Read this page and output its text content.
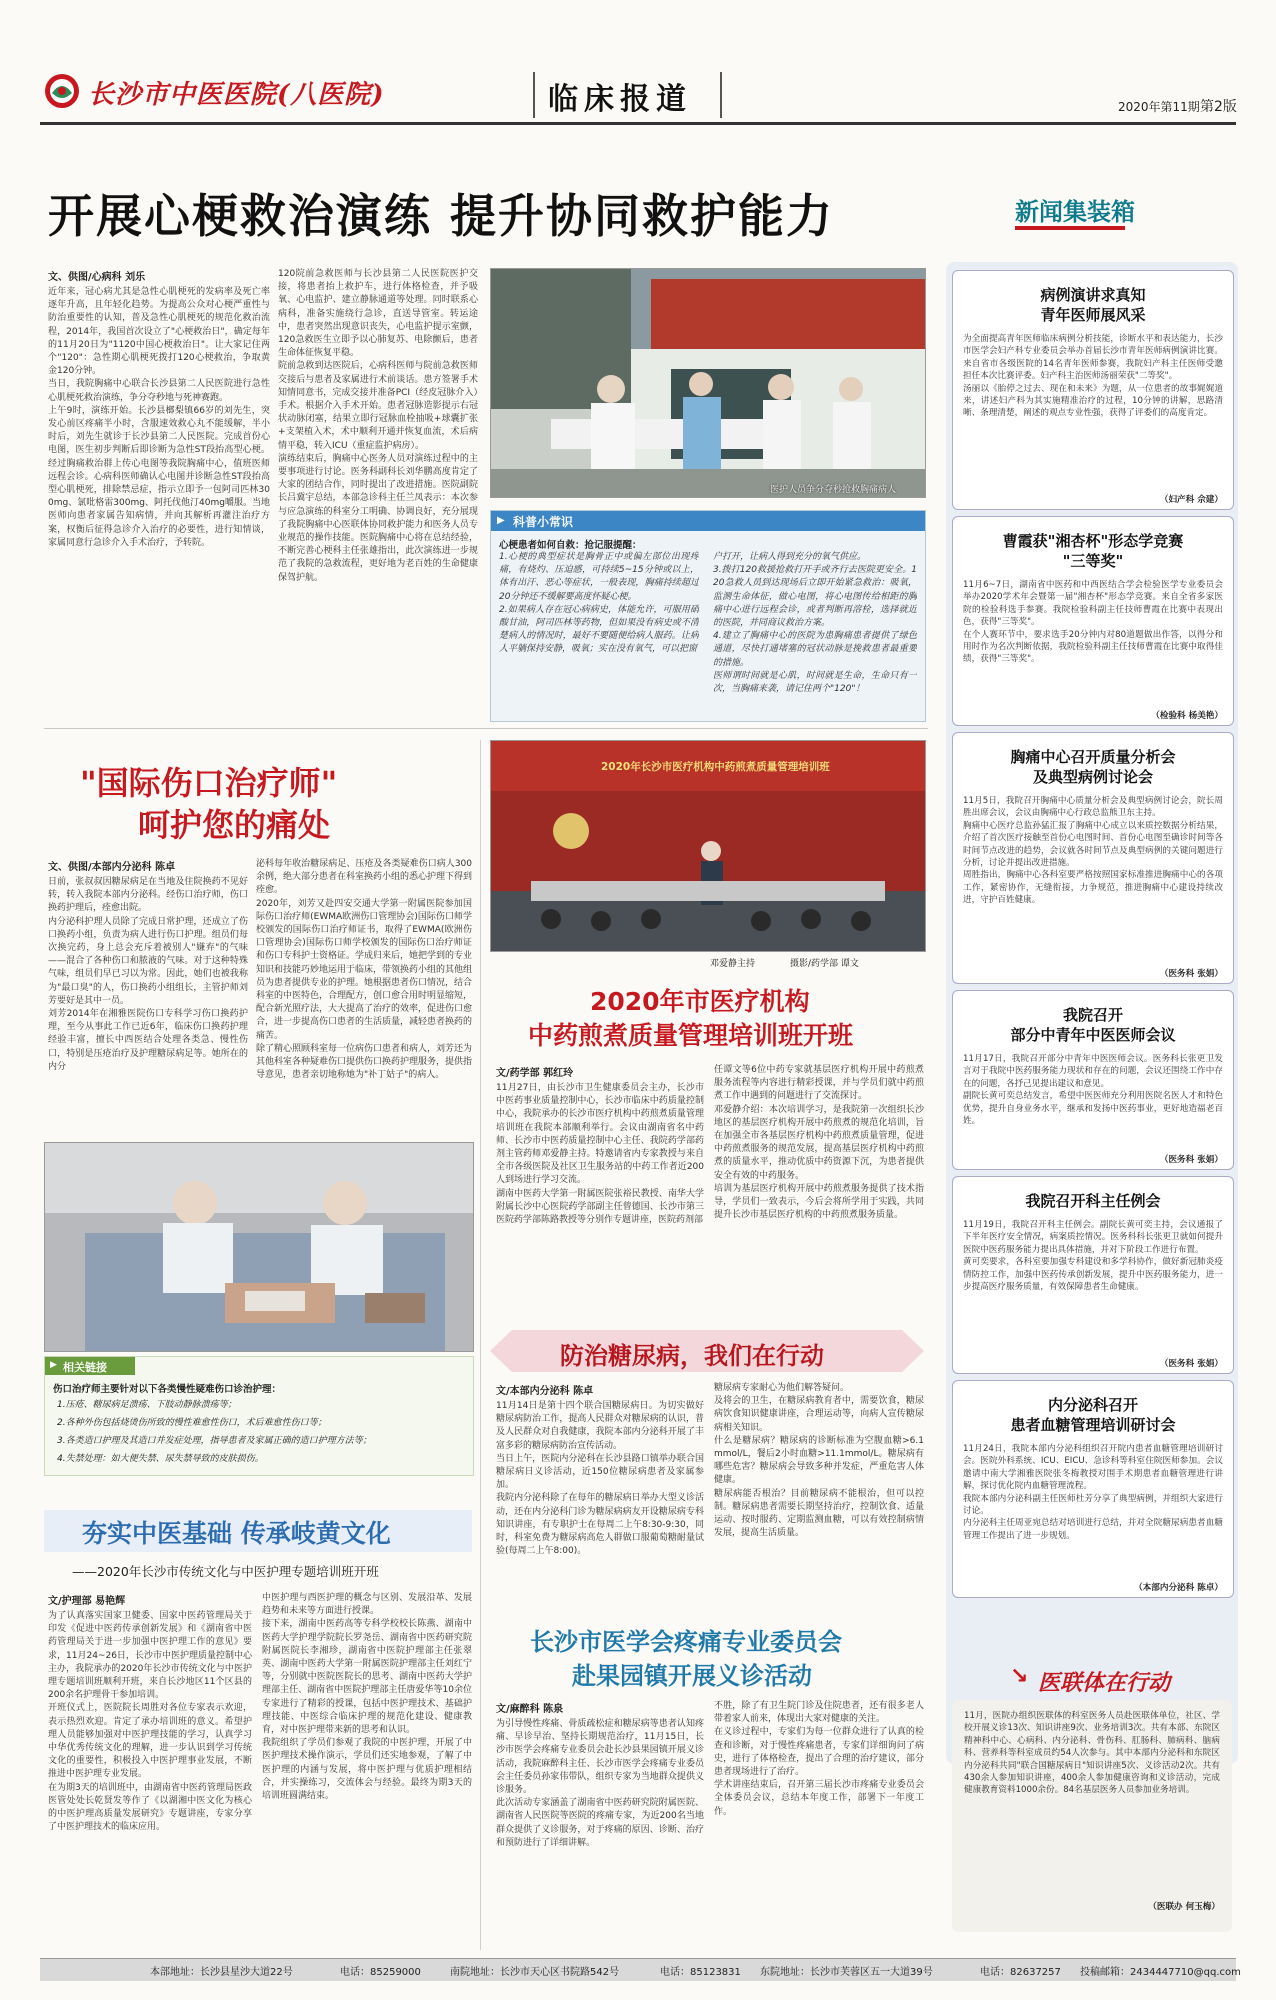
长沙市中医医院(八医院)	临床报道	2020年第11期 第2版
开展心梗救治演练 提升协同救护能力	新闻集装箱
文、供图/心病科 刘乐
近年来，冠心病尤其是急性心肌梗死的发病率及死亡率逐年升高，且年轻化趋势。为提高公众对心梗严重性与防治重要性的认知，普及急性心肌梗死的规范化救治流程，2014年，我国首次设立了"心梗救治日"，确定每年的11月20日为"1120中国心梗救治日"。让大家记住两个"120"：急性期心肌梗死拨打120心梗救治，争取黄金120分钟。
当日，我院胸痛中心联合长沙县第二人民医院进行急性心肌梗死救治演练，争分夺秒地与死神赛跑。
上午9时，演练开始。长沙县榔梨镇66岁的刘先生，突发心前区疼痛半小时，含服速效救心丸不能缓解，半小时后，刘先生就诊于长沙县第二人民医院。完成首份心电图，医生初步判断后即诊断为急性ST段抬高型心梗。经过胸痛救治群上传心电图等我院胸痛中心，值班医师远程会诊。心病科医师确认心电图并诊断急性ST段抬高型心肌梗死，排除禁忌症，指示立即予一包阿司匹林300mg、氯吡格雷300mg、阿托伐他汀40mg嚼服。当地医师向患者家属告知病情，并向其解析再灌注治疗方案，权衡后征得急诊介入治疗的必要性，进行知情谈，家属同意行急诊介入手术治疗，予转院。
120院前急救医师与长沙县第二人民医院医护交接，将患者抬上救护车，进行体格检查，并予吸氧、心电监护、建立静脉通道等处理。同时联系心病科，准备实施绕行急诊，直送导管室。转运途中，患者突然出现意识丧失，心电监护提示室颤，120急救医生立即予以心肺复苏、电除颤后，患者生命体征恢复平稳。
院前急救到达医院后，心病科医师与院前急救医师交接后与患者及家属进行术前谈话。患方签署手术知情同意书，完成交接并准备PCI（经皮冠脉介入）手术。根据介入手术开始。患者冠脉造影提示右冠状动脉闭塞，结果立即行冠脉血栓抽吸+球囊扩张+支架植入术，术中顺利开通并恢复血流，术后病情平稳，转入ICU（重症监护病房）。
演练结束后，胸痛中心医务人员对演练过程中的主要事项进行讨论。医务科副科长刘华鹏高度肯定了大家的团结合作，同时提出了改进措施。医院副院长吕冀宇总结，本部急诊科主任兰凤表示：本次参与应急演练的科室分工明确、协调良好，充分展现了我院胸痛中心医联体协同救护能力和医务人员专业规范的操作技能。医院胸痛中心将在总结经验，不断完善心梗科主任张雄指出，此次演练进一步规范了我院的急救流程，更好地为老百姓的生命健康保驾护航。
医护人员争分夺秒抢救胸痛病人
▶ 科普小常识
心梗患者如何自救：抢记服提醒：
1.心梗的典型症状是胸骨正中或偏左部位出现疼痛，有烧灼、压迫感，可持续5~15分钟或以上，体有出汗、恶心等症状，一般表现，胸痛持续超过20分钟还不缓解要高度怀疑心梗。
2.如果病人存在冠心病病史，体能允许，可服用硝酸甘油，阿司匹林等药物，但如果没有病史或不清楚病人的情况时，最好不要随便给病人服药。让病人平躺保持安静，吸氧；实在没有氧气，可以把窗
户打开，让病人得到充分的氧气供应。
3.拨打120救援抢救打开手或齐行去医院更安全。120急救人员到达现场后立即开始紧急救治：吸氧，监测生命体征，做心电图，将心电图传给相距的胸痛中心进行远程会诊，或者判断再溶栓，选择就近的医院，并同商议救治方案。
4.建立了胸痛中心的医院为患胸痛患者提供了绿色通道，尽快打通堵塞的冠状动脉是挽救患者最重要的措施。
医师谓时间就是心肌，时间就是生命，生命只有一次，当胸痛来袭，请记住两个"120"！
"国际伤口治疗师"
呵护您的痛处
文、供图/本部内分泌科 陈卓
日前，张叔叔因糖尿病足在当地及住院换药不见好转，转入我院本部内分泌科。经伤口治疗师，伤口换药护理后，痊愈出院。
内分泌科护理人员除了完成日常护理，还成立了伤口换药小组，负责为病人进行伤口护理。组员们每次换完药，身上总会充斥着被别人"嫌弃"的气味——混合了各种伤口和脓液的气味。对于这种特殊气味，组员们早已习以为常。因此，她们也被我称为"最口臭"的人，伤口换药小组组长，主管护师刘芳要好是其中一员。
刘芳2014年在湘雅医院伤口专科学习伤口换药护理，至今从事此工作已近6年，临床伤口换药护理经验丰富，擅长中西医结合处理各类急、慢性伤口，特别是压疮治疗及护理糖尿病足等。她所在的内分
泌科每年收治糖尿病足、压疮及各类疑难伤口病人300余例，绝大部分患者在科室换药小组的悉心护理下得到痊愈。
2020年，刘芳又赴四安交通大学第一附属医院参加国际伤口治疗师(EWMA欧洲伤口管理协会)国际伤口师学校颁发的国际伤口治疗师证书，取得了EWMA(欧洲伤口管理协会)国际伤口师学校颁发的国际伤口治疗师证和伤口专科护士资格证。学成归来后，她把学到的专业知识和技能巧妙地运用于临床，带领换药小组的其他组员为患者提供专业的护理。她根据患者伤口情况，结合科室的中医特色，合理配方，创口愈合用时明显缩短，配合新光照疗法，大大提高了治疗的效率，促进伤口愈合，进一步提高伤口患者的生活质量，减轻患者换药的痛苦。
除了精心照顾科室每一位病伤口患者和病人，刘芳还为其他科室各种疑难伤口提供伤口换药护理服务，提供指导意见，患者亲切地称她为"补丁姑子"的病人。
▶ 相关链接
伤口治疗师主要针对以下各类慢性疑难伤口诊治护理：
1.压疮、糖尿病足溃疡、下肢动静脉溃疡等；
2.各种外伤包括烧烫伤所致的慢性难愈性伤口，术后难愈性伤口等；
3.各类造口护理及其造口并发症处理，指导患者及家属正确的造口护理方法等；
4.失禁处理：如大便失禁、尿失禁导致的皮肤损伤。
夯实中医基础 传承岐黄文化
——2020年长沙市传统文化与中医护理专题培训班开班
文/护理部 易艳辉
为了认真落实国家卫健委、国家中医药管理局关于印发《促进中医药传承创新发展》和《湖南省中医药管理局关于进一步加强中医护理工作的意见》要求，11月24~26日，长沙市中医护理质量控制中心主办，我院承办的2020年长沙市传统文化与中医护理专题培训班顺利开班，来自长沙地区11个区县的200余名护理骨干参加培训。
开班仪式上，医院院长周胜对各位专家表示欢迎，表示热烈欢迎。肯定了承办培训班的意义。希望护理人员能够加强对中医护理技能的学习，认真学习中华优秀传统文化的理解，进一步认识到学习传统文化的重要性，积极投入中医护理事业发展，不断推进中医护理专业发展。
在为期3天的培训班中，由湖南省中医药管理局医政医管处处长乾贤发等作了《以湖湘中医文化为核心的中医护理高质量发展研究》专题讲座，专家分享了中医护理技术的临床应用。
中医护理与西医护理的概念与区别、发展沿革、发展趋势和未来等方面进行授课。
接下来，湖南中医药高等专科学校校长陈燕、湖南中医药大学护理学院院长罗尧岳、湖南省中医药研究院附属医院长李湘珍，湖南省中医院护理部主任张翠英、湖南中医药大学第一附属医院护理部主任刘红宁等，分别就中医院医院长的思考、湖南中医药大学护理部主任、湖南省中医院护理部主任唐爱华等10余位专家进行了精彩的授课，包括中医护理技术、基础护理技能、中医综合临床护理的规范化建设、健康教育，对中医护理带来新的思考和认识。
我院组织了学员们参观了我院的中医护理，开展了中医护理技术操作演示，学员们还实地参观，了解了中医护理的内涵与发展，将中医护理与优质护理相结合，并实操练习，交流体会与经验。最终为期3天的培训班圆满结束。
2020年长沙市医疗机构中药煎煮质量管理培训班
邓爱静主持	摄影/药学部 谭文
2020年市医疗机构
中药煎煮质量管理培训班开班
文/药学部 郭红玲
11月27日，由长沙市卫生健康委员会主办，长沙市中医药事业质量控制中心，长沙市临床中药质量控制中心，我院承办的长沙市医疗机构中药煎煮质量管理培训班在我院本部顺利举行。会议由湖南省名中药师、长沙市中医药质量控制中心主任、我院药学部药剂主管药师邓爱静主持。特邀请省内专家教授与来自全市各级医院及社区卫生服务站的中药工作者近200人到场进行学习交流。
湖南中医药大学第一附属医院张裕民教授、南华大学附属长沙中心医院药学部副主任曾德国、长沙市第三医院药学部陈路教授等分别作专题讲座，医院药剂部
任谭文等6位中药专家就基层医疗机构开展中药煎煮服务流程等内容进行精彩授课，并与学员们就中药煎煮工作中遇到的问题进行了交流探讨。
邓爱静介绍：本次培训学习，是我院第一次组织长沙地区的基层医疗机构开展中药煎煮的规范化培训，旨在加强全市各基层医疗机构中药煎煮质量管理，促进中药煎煮服务的规范发展，提高基层医疗机构中药煎煮的质量水平，推动优质中药资源下沉，为患者提供安全有效的中药服务。
培训为基层医疗机构开展中药煎煮服务提供了技术指导，学员们一致表示，今后会将所学用于实践，共同提升长沙市基层医疗机构的中药煎煮服务质量。
防治糖尿病，我们在行动
文/本部内分泌科 陈卓
11月14日是第十四个联合国糖尿病日。为切实做好糖尿病防治工作，提高人民群众对糖尿病的认识，普及人民群众对自我健康，我院本部内分泌科开展了丰富多彩的糖尿病防治宣传活动。
当日上午，医院内分泌科在长沙县路口镇举办联合国糖尿病日义诊活动，近150位糖尿病患者及家属参加。
我院内分泌科除了在每年的糖尿病日举办大型义诊活动，还在内分泌科门诊为糖尿病病友开设糖尿病专科知识讲座，有专职护士在每周二上午8:30-9:30，同时，科室免费为糖尿病高危人群做口服葡萄糖耐量试验(每周二上午8:00)。
糖尿病专家耐心为他们解答疑问。
及将会的卫生，在糖尿病教育者中，需要饮食，糖尿病饮食知识健康讲座，合理运动等，向病人宣传糖尿病相关知识。
什么是糖尿病？糖尿病的诊断标准为空腹血糖>6.1mmol/L，餐后2小时血糖>11.1mmol/L。糖尿病有哪些危害？糖尿病会导致多种并发症，严重危害人体健康。
糖尿病能否根治？目前糖尿病不能根治，但可以控制。糖尿病患者需要长期坚持治疗，控制饮食、适量运动、按时服药、定期监测血糖，可以有效控制病情发展，提高生活质量。
长沙市医学会疼痛专业委员会
赴果园镇开展义诊活动
文/麻醉科 陈泉
为引导慢性疼痛、骨质疏松症和糖尿病等患者认知疼痛、早诊早治、坚持长期规范治疗，11月15日，长沙市医学会疼痛专业委员会赴长沙县果园镇开展义诊活动，我院麻醉科主任、长沙市医学会疼痛专业委员会主任委员孙家伟带队，组织专家为当地群众提供义诊服务。
此次活动专家涵盖了湖南省中医药研究院附属医院、湖南省人民医院等医院的疼痛专家，为近200名当地群众提供了义诊服务，对于疼痛的原因、诊断、治疗和预防进行了详细讲解。
不胜，除了有卫生院门诊及住院患者，还有很多老人带着家人前来，体现出大家对健康的关注。
在义诊过程中，专家们为每一位群众进行了认真的检查和诊断，对于慢性疼痛患者，专家们详细询问了病史，进行了体格检查，提出了合理的治疗建议，部分患者现场进行了治疗。
学术讲座结束后，召开第三届长沙市疼痛专业委员会全体委员会议，总结本年度工作，部署下一年度工作。
病例演讲求真知
青年医师展风采
为全面提高青年医师临床病例分析技能，诊断水平和表达能力，长沙市医学会妇产科专业委员会举办首届长沙市青年医师病例演讲比赛。来自省市各级医院的14名青年医师参赛，我院妇产科主任医师受邀担任本次比赛评委。妇产科主治医师汤丽荣获"二等奖"。
汤丽以《胎停之过去、现在和未来》为题，从一位患者的故事娓娓道来，讲述妇产科为其实施精准治疗的过程，10分钟的讲解，思路清晰、条理清楚，阐述的观点专业性强，获得了评委们的高度肯定。
（妇产科 佘建）
曹霞获"湘杏杯"形态学竞赛
"三等奖"
11月6~7日，湖南省中医药和中西医结合学会检验医学专业委员会举办2020学术年会暨第一届"湘杏杯"形态学竞赛。来自全省多家医院的检验科选手参赛。我院检验科副主任技师曹霞在比赛中表现出色，获得"三等奖"。
在个人赛环节中，要求选手20分钟内对80道题做出作答，以得分和用时作为名次判断依据，我院检验科副主任技师曹霞在比赛中取得佳绩，获得"三等奖"。
（检验科 杨美艳）
胸痛中心召开质量分析会
及典型病例讨论会
11月5日，我院召开胸痛中心质量分析会及典型病例讨论会，院长周胜出席会议，会议由胸痛中心行政总监熊卫东主持。
胸痛中心医疗总监孙猛汇报了胸痛中心成立以来质控数据分析结果，介绍了首次医疗接触至首份心电图时间、首份心电图至确诊时间等各时间节点改进的趋势，会议就各时间节点及典型病例的关键问题进行分析，讨论并提出改进措施。
周胜指出，胸痛中心各科室要严格按照国家标准推进胸痛中心的各项工作，紧密协作，无缝衔接，力争规范，推进胸痛中心建设持续改进，守护百姓健康。
（医务科 张娟）
我院召开
部分中青年中医医师会议
11月17日，我院召开部分中青年中医医师会议。医务科长张更卫发言对于我院中医药服务能力现状和存在的问题，会议还围绕工作中存在的问题，各抒己见提出建议和意见。
副院长黄可奕总结发言，希望中医医师充分利用医院名医人才和特色优势，提升自身业务水平，继承和发扬中医药事业，更好地造福老百姓。
（医务科 张娟）
我院召开科主任例会
11月19日，我院召开科主任例会。副院长黄可奕主持，会议通报了下半年医疗安全情况，病案质控情况。医务科科长张更卫就如何提升医院中医药服务能力提出具体措施，并对下阶段工作进行布置。
黄可奕要求，各科室要加强专科建设和多学科协作，做好新冠肺炎疫情防控工作，加强中医药传承创新发展，提升中医药服务能力，进一步提高医疗服务质量，有效保障患者生命健康。
（医务科 张娟）
内分泌科召开
患者血糖管理培训研讨会
11月24日，我院本部内分泌科组织召开院内患者血糖管理培训研讨会。医院外科系统、ICU、EICU、急诊科等科室住院医师参加。会议邀请中南大学湘雅医院张冬梅教授对围手术期患者血糖管理进行讲解，探讨优化院内血糖管理流程。
我院本部内分泌科副主任医师杜芳分享了典型病例，并组织大家进行讨论。
内分泌科主任周亚宛总结对培训进行总结，并对全院糖尿病患者血糖管理工作提出了进一步规划。
（本部内分泌科 陈卓）
↘ 医联体在行动
11月，医院办组织医联体的科室医务人员赴医联体单位，社区、学校开展义诊13次、知识讲座9次、业务培训3次。共有本部、东院区精神科中心、心病科、内分泌科、骨伤科、肛肠科、肺病科、脑病科、营养科等科室成员约54人次参与。其中本部内分泌科和东院区内分泌科共同"联合国糖尿病日"知识讲座5次、义诊活动2次。共有430余人参加知识讲座，400余人参加健康咨询和义诊活动，完成健康教育资料1000余份。84名基层医务人员参加业务培训。
（医联办 何玉梅）
本部地址：长沙县星沙大道22号	电话：85259000	南院地址：长沙市天心区书院路542号	电话：85123831 东院地址：长沙市芙蓉区五一大道39号	电话：82637257 投稿邮箱：2434447710@qq.com
